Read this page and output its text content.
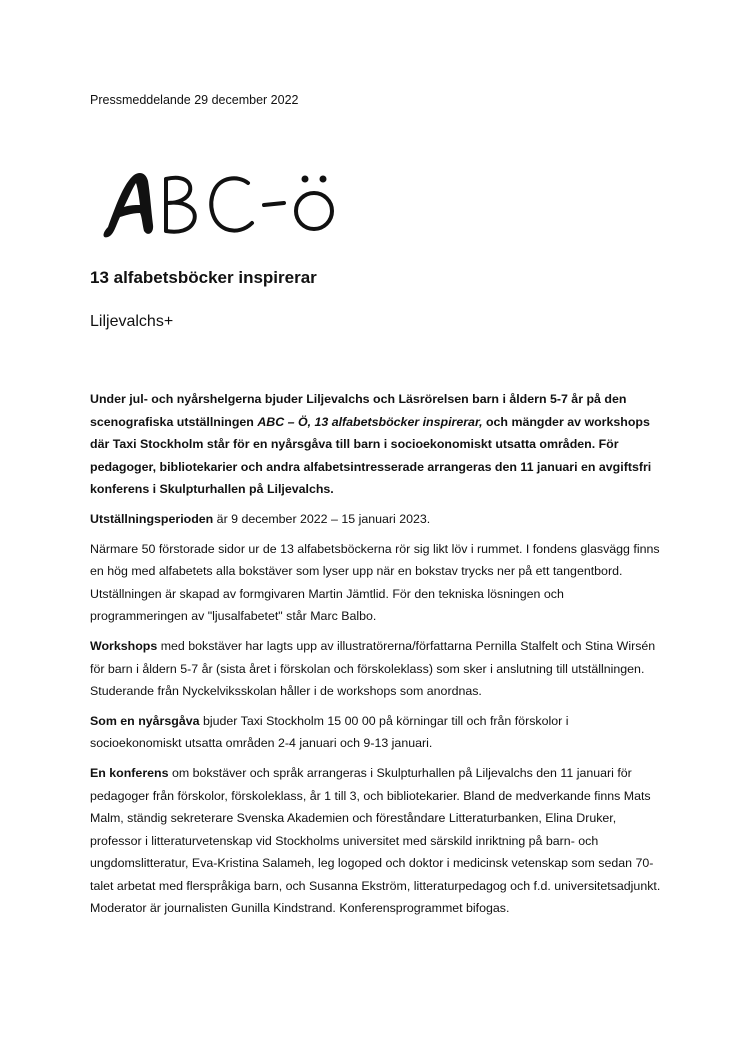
Pressmeddelande 29 december 2022
13 alfabetsböcker inspirerar
Liljevalchs+

Under jul- och nyårshelgerna bjuder Liljevalchs och Läsrörelsen barn i åldern 5-7 år på den scenografiska utställningen ABC – Ö, 13 alfabetsböcker inspirerar, och mängder av workshops där Taxi Stockholm står för en nyårsgåva till barn i socioekonomiskt utsatta områden. För pedagoger, bibliotekarier och andra alfabetsintresserade arrangeras den 11 januari en avgiftsfri konferens i Skulpturhallen på Liljevalchs.

Utställningsperioden är 9 december 2022 – 15 januari 2023.

Närmare 50 förstorade sidor ur de 13 alfabetsböckerna rör sig likt löv i rummet. I fondens glasvägg finns en hög med alfabetets alla bokstäver som lyser upp när en bokstav trycks ner på ett tangentbord. Utställningen är skapad av formgivaren Martin Jämtlid. För den tekniska lösningen och programmeringen av "ljusalfabetet" står Marc Balbo.

Workshops med bokstäver har lagts upp av illustratörerna/författarna Pernilla Stalfelt och Stina Wirsén för barn i åldern 5-7 år (sista året i förskolan och förskoleklass) som sker i anslutning till utställningen. Studerande från Nyckelviksskolan håller i de workshops som anordnas.

Som en nyårsgåva bjuder Taxi Stockholm 15 00 00 på körningar till och från förskolor i socioekonomiskt utsatta områden 2-4 januari och 9-13 januari.

En konferens om bokstäver och språk arrangeras i Skulpturhallen på Liljevalchs den 11 januari för pedagoger från förskolor, förskoleklass, år 1 till 3, och bibliotekarier. Bland de medverkande finns Mats Malm, ständig sekreterare Svenska Akademien och föreståndare Litteraturbanken, Elina Druker, professor i litteraturvetenskap vid Stockholms universitet med särskild inriktning på barn- och ungdomslitteratur, Eva-Kristina Salameh, leg logoped och doktor i medicinsk vetenskap som sedan 70-talet arbetat med flerspråkiga barn, och Susanna Ekström, litteraturpedagog och f.d. universitetsadjunkt. Moderator är journalisten Gunilla Kindstrand. Konferensprogrammet bifogas.
